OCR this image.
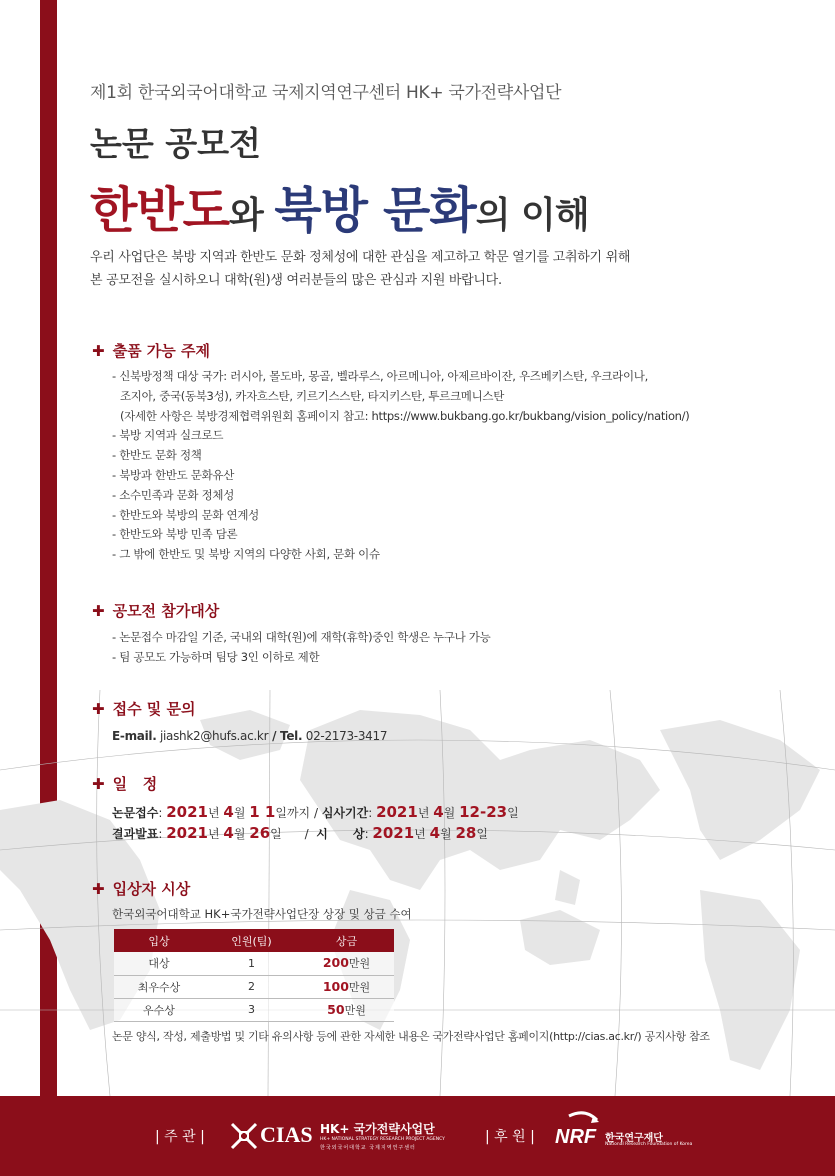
제1회 한국외국어대학교 국제지역연구센터 HK+ 국가전략사업단
논문 공모전
한반도와 북방 문화의 이해
우리 사업단은 북방 지역과 한반도 문화 정체성에 대한 관심을 제고하고 학문 열기를 고취하기 위해
본 공모전을 실시하오니 대학(원)생 여러분들의 많은 관심과 지원 바랍니다.
✚ 출품 가능 주제
- 신북방정책 대상 국가: 러시아, 몰도바, 몽골, 벨라루스, 아르메니아, 아제르바이잔, 우즈베키스탄, 우크라이나,
조지아, 중국(동북3성), 카자흐스탄, 키르기스스탄, 타지키스탄, 투르크메니스탄
(자세한 사항은 북방경제협력위원회 홈페이지 참고: https://www.bukbang.go.kr/bukbang/vision_policy/nation/)
- 북방 지역과 실크로드
- 한반도 문화 정책
- 북방과 한반도 문화유산
- 소수민족과 문화 정체성
- 한반도와 북방의 문화 연계성
- 한반도와 북방 민족 담론
- 그 밖에 한반도 및 북방 지역의 다양한 사회, 문화 이슈
✚ 공모전 참가대상
- 논문접수 마감일 기준, 국내외 대학(원)에 재학(휴학)중인 학생은 누구나 가능
- 팀 공모도 가능하며 팀당 3인 이하로 제한
✚ 접수 및 문의
E-mail. jiashk2@hufs.ac.kr / Tel. 02-2173-3417
✚ 일   정
논문접수: 2021년 4월 1 1일까지 / 심사기간: 2021년 4월 12-23일
결과발표: 2021년 4월 26일      /  시      상: 2021년 4월 28일
✚ 입상자 시상
한국외국어대학교 HK+국가전략사업단장 상장 및 상금 수여
입상	인원(팀)	상금
대상	1	200만원
최우수상	2	100만원
우수상	3	50만원
논문 양식, 작성, 제출방법 및 기타 유의사항 등에 관한 자세한 내용은 국가전략사업단 홈페이지(http://cias.ac.kr/) 공지사항 참조
| 주 관 |	CIAS HK+ 국가전략사업단
HK+ NATIONAL STRATEGY RESEARCH PROJECT AGENCY
한국외국어대학교 국제지역연구센터
| 후 원 | NRF 한국연구재단
National Research Foundation of Korea
